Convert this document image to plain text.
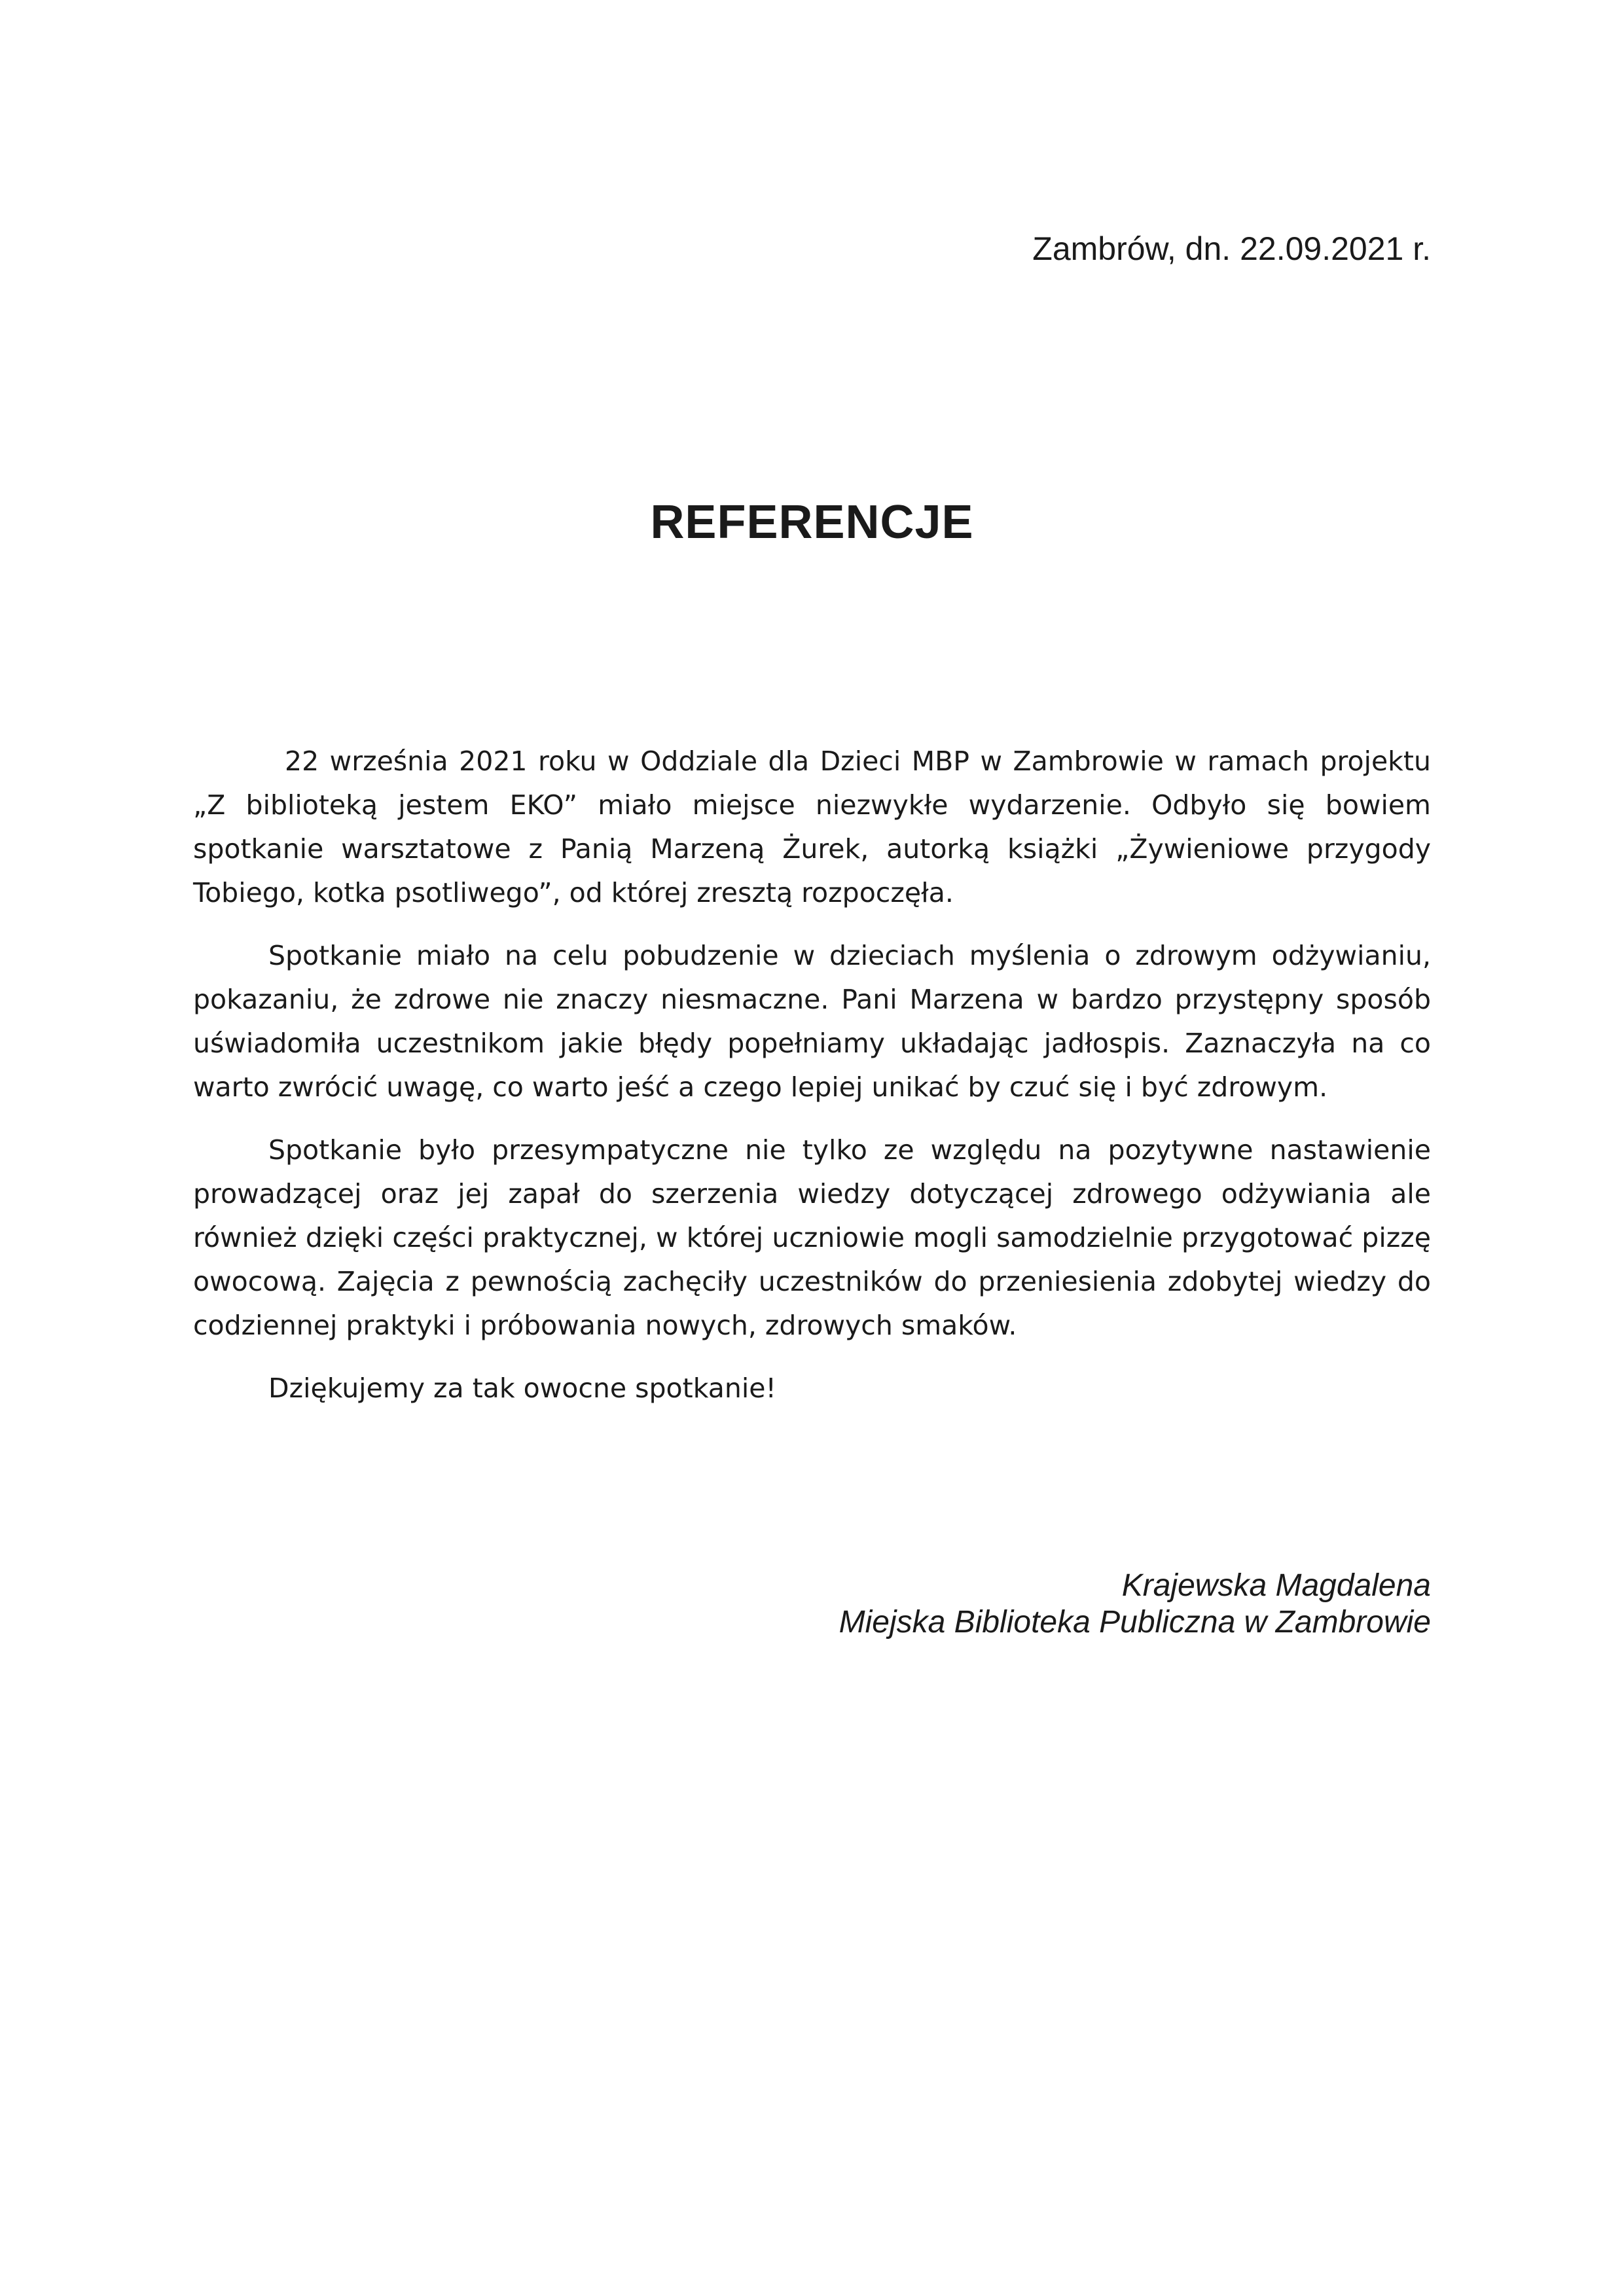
Zambrów, dn. 22.09.2021 r.
REFERENCJE

22 września 2021 roku w Oddziale dla Dzieci MBP w Zambrowie w ramach projektu „Z biblioteką jestem EKO” miało miejsce niezwykłe wydarzenie. Odbyło się bowiem spotkanie warsztatowe z Panią Marzeną Żurek, autorką książki „Żywieniowe przygody Tobiego, kotka psotliwego”, od której zresztą rozpoczęła.

Spotkanie miało na celu pobudzenie w dzieciach myślenia o zdrowym odżywianiu, pokazaniu, że zdrowe nie znaczy niesmaczne. Pani Marzena w bardzo przystępny sposób uświadomiła uczestnikom jakie błędy popełniamy układając jadłospis. Zaznaczyła na co warto zwrócić uwagę, co warto jeść a czego lepiej unikać by czuć się i być zdrowym.

Spotkanie było przesympatyczne nie tylko ze względu na pozytywne nastawienie prowadzącej oraz jej zapał do szerzenia wiedzy dotyczącej zdrowego odżywiania ale również dzięki części praktycznej, w której uczniowie mogli samodzielnie przygotować pizzę owocową. Zajęcia z pewnością zachęciły uczestników do przeniesienia zdobytej wiedzy do codziennej praktyki i próbowania nowych, zdrowych smaków.

Dziękujemy za tak owocne spotkanie!

Krajewska Magdalena
Miejska Biblioteka Publiczna w Zambrowie
